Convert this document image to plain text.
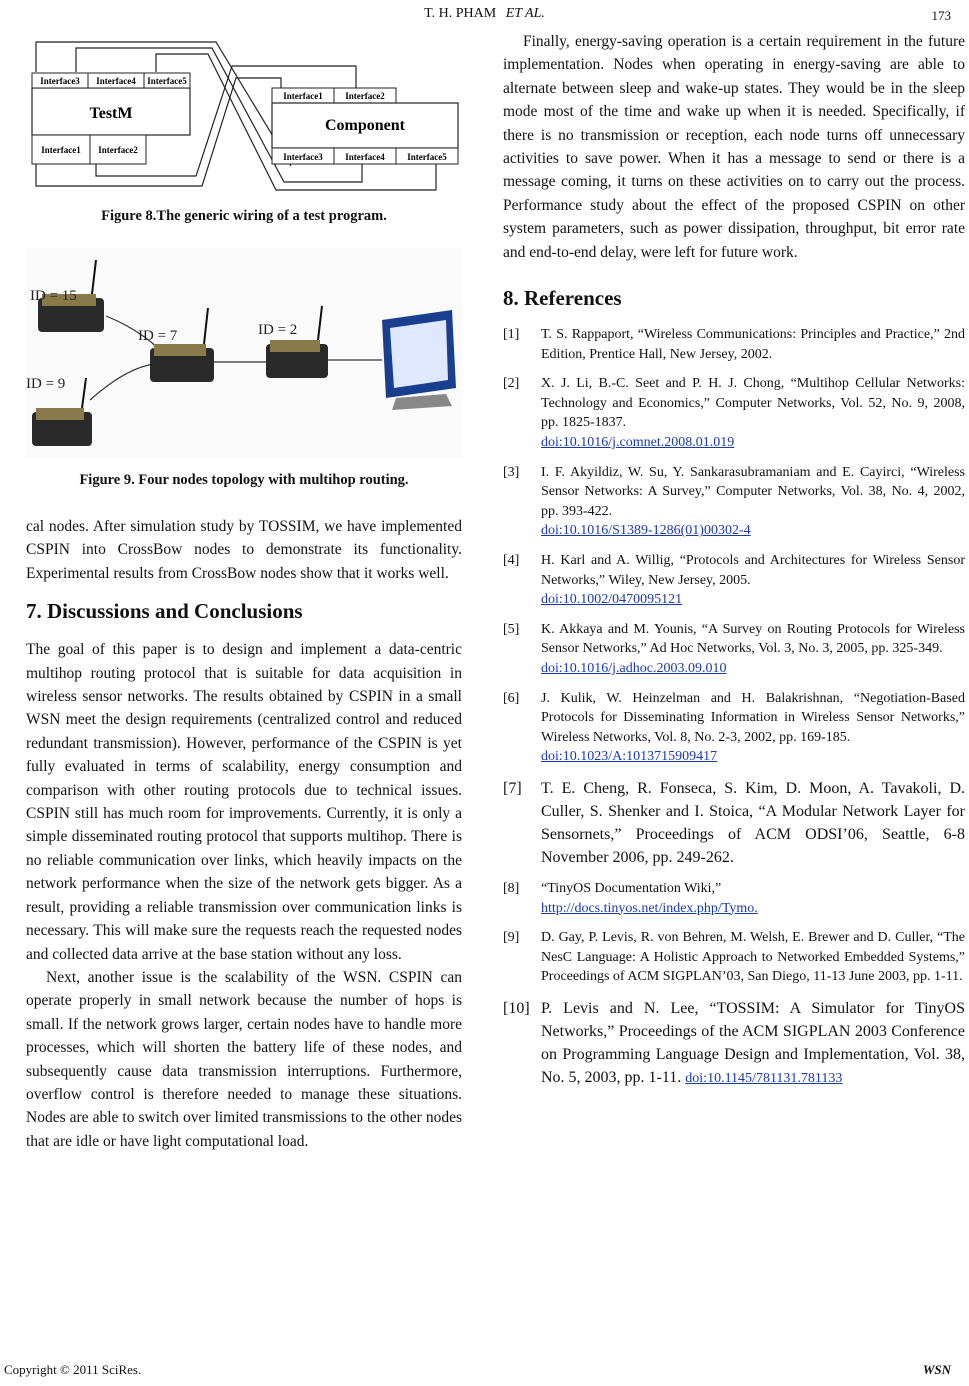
T. H. PHAM ET AL.	173
TestM
Interface3 Interface4 Interface5
Interface1 Interface2
Interface1	Interface2
Component
Interface3	Interface4	Interface5
Figure 8.The generic wiring of a test program.
ID = 15
ID = 7	ID = 2
ID = 9
Figure 9. Four nodes topology with multihop routing.

cal nodes. After simulation study by TOSSIM, we have implemented CSPIN into CrossBow nodes to demonstrate its functionality. Experimental results from CrossBow nodes show that it works well.

7. Discussions and Conclusions

The goal of this paper is to design and implement a data-centric multihop routing protocol that is suitable for data acquisition in wireless sensor networks. The results obtained by CSPIN in a small WSN meet the design requirements (centralized control and reduced redundant transmission). However, performance of the CSPIN is yet fully evaluated in terms of scalability, energy consumption and comparison with other routing protocols due to technical issues. CSPIN still has much room for improvements. Currently, it is only a simple disseminated routing protocol that supports multihop. There is no reliable communication over links, which heavily impacts on the network performance when the size of the network gets bigger. As a result, providing a reliable transmission over communication links is necessary. This will make sure the requests reach the requested nodes and collected data arrive at the base station without any loss.

Next, another issue is the scalability of the WSN. CSPIN can operate properly in small network because the number of hops is small. If the network grows larger, certain nodes have to handle more processes, which will shorten the battery life of these nodes, and subsequently cause data transmission interruptions. Furthermore, overflow control is therefore needed to manage these situations. Nodes are able to switch over limited transmissions to the other nodes that are idle or have light computational load.

Finally, energy-saving operation is a certain requirement in the future implementation. Nodes when operating in energy-saving are able to alternate between sleep and wake-up states. They would be in the sleep mode most of the time and wake up when it is needed. Specifically, if there is no transmission or reception, each node turns off unnecessary activities to save power. When it has a message to send or there is a message coming, it turns on these activities on to carry out the process. Performance study about the effect of the proposed CSPIN on other system parameters, such as power dissipation, throughput, bit error rate and end-to-end delay, were left for future work.

8. References
[1]	T. S. Rappaport, “Wireless Communications: Principles and Practice,” 2nd Edition, Prentice Hall, New Jersey, 2002.
[2]	X. J. Li, B.-C. Seet and P. H. J. Chong, “Multihop Cellular Networks: Technology and Economics,” Computer Networks, Vol. 52, No. 9, 2008, pp. 1825-1837.
doi:10.1016/j.comnet.2008.01.019
[3]	I. F. Akyildiz, W. Su, Y. Sankarasubramaniam and E. Cayirci, “Wireless Sensor Networks: A Survey,” Computer Networks, Vol. 38, No. 4, 2002, pp. 393-422.
doi:10.1016/S1389-1286(01)00302-4
[4]	H. Karl and A. Willig, “Protocols and Architectures for Wireless Sensor Networks,” Wiley, New Jersey, 2005.
doi:10.1002/0470095121
[5]	K. Akkaya and M. Younis, “A Survey on Routing Protocols for Wireless Sensor Networks,” Ad Hoc Networks, Vol. 3, No. 3, 2005, pp. 325-349.
doi:10.1016/j.adhoc.2003.09.010
[6]	J. Kulik, W. Heinzelman and H. Balakrishnan, “Negotiation-Based Protocols for Disseminating Information in Wireless Sensor Networks,” Wireless Networks, Vol. 8, No. 2-3, 2002, pp. 169-185.
doi:10.1023/A:1013715909417
[7]	T. E. Cheng, R. Fonseca, S. Kim, D. Moon, A. Tavakoli, D. Culler, S. Shenker and I. Stoica, “A Modular Network Layer for Sensornets,” Proceedings of ACM ODSI’06, Seattle, 6-8 November 2006, pp. 249-262.
[8]	“TinyOS Documentation Wiki,”
http://docs.tinyos.net/index.php/Tymo.
[9]	D. Gay, P. Levis, R. von Behren, M. Welsh, E. Brewer and D. Culler, “The NesC Language: A Holistic Approach to Networked Embedded Systems,” Proceedings of ACM SIGPLAN’03, San Diego, 11-13 June 2003, pp. 1-11.
[10] P. Levis and N. Lee, “TOSSIM: A Simulator for TinyOS Networks,” Proceedings of the ACM SIGPLAN 2003 Conference on Programming Language Design and Implementation, Vol. 38, No. 5, 2003, pp. 1-11. doi:10.1145/781131.781133
Copyright © 2011 SciRes.	WSN
